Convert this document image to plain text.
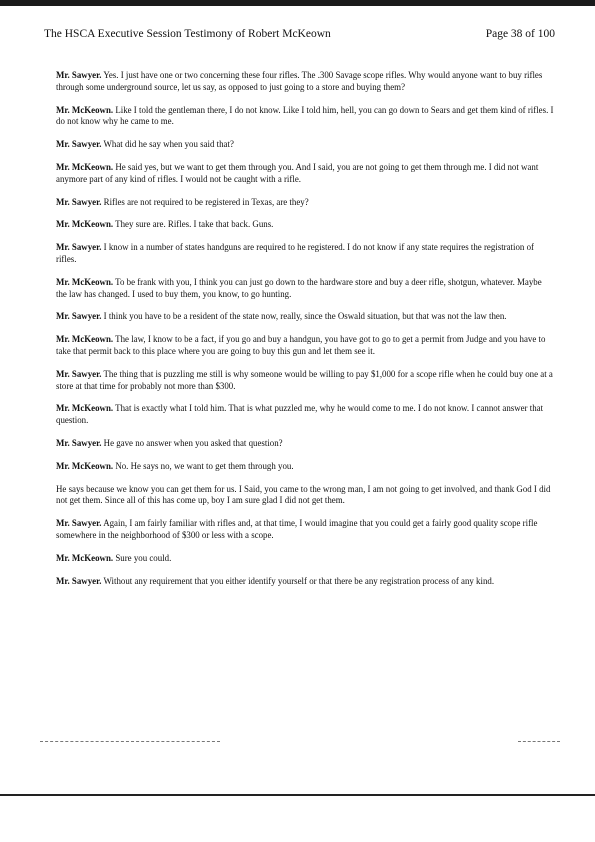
The HSCA Executive Session Testimony of Robert McKeown	Page 38 of 100

Mr. Sawyer. Yes. I just have one or two concerning these four rifles. The .300 Savage scope rifles. Why would anyone want to buy rifles through some underground source, let us say, as opposed to just going to a store and buying them?

Mr. McKeown. Like I told the gentleman there, I do not know. Like I told him, hell, you can go down to Sears and get them kind of rifles. I do not know why he came to me.

Mr. Sawyer. What did he say when you said that?

Mr. McKeown. He said yes, but we want to get them through you. And I said, you are not going to get them through me. I did not want anymore part of any kind of rifles. I would not be caught with a rifle.

Mr. Sawyer. Rifles are not required to be registered in Texas, are they?

Mr. McKeown. They sure are. Rifles. I take that back. Guns.

Mr. Sawyer. I know in a number of states handguns are required to he registered. I do not know if any state requires the registration of rifles.

Mr. McKeown. To be frank with you, I think you can just go down to the hardware store and buy a deer rifle, shotgun, whatever. Maybe the law has changed. I used to buy them, you know, to go hunting.

Mr. Sawyer. I think you have to be a resident of the state now, really, since the Oswald situation, but that was not the law then.

Mr. McKeown. The law, I know to be a fact, if you go and buy a handgun, you have got to go to get a permit from Judge and you have to take that permit back to this place where you are going to buy this gun and let them see it.

Mr. Sawyer. The thing that is puzzling me still is why someone would be willing to pay $1,000 for a scope rifle when he could buy one at a store at that time for probably not more than $300.

Mr. McKeown. That is exactly what I told him. That is what puzzled me, why he would come to me. I do not know. I cannot answer that question.

Mr. Sawyer. He gave no answer when you asked that question?

Mr. McKeown. No. He says no, we want to get them through you.

He says because we know you can get them for us. I Said, you came to the wrong man, I am not going to get involved, and thank God I did not get them. Since all of this has come up, boy I am sure glad I did not get them.

Mr. Sawyer. Again, I am fairly familiar with rifles and, at that time, I would imagine that you could get a fairly good quality scope rifle somewhere in the neighborhood of $300 or less with a scope.

Mr. McKeown. Sure you could.

Mr. Sawyer. Without any requirement that you either identify yourself or that there be any registration process of any kind.
